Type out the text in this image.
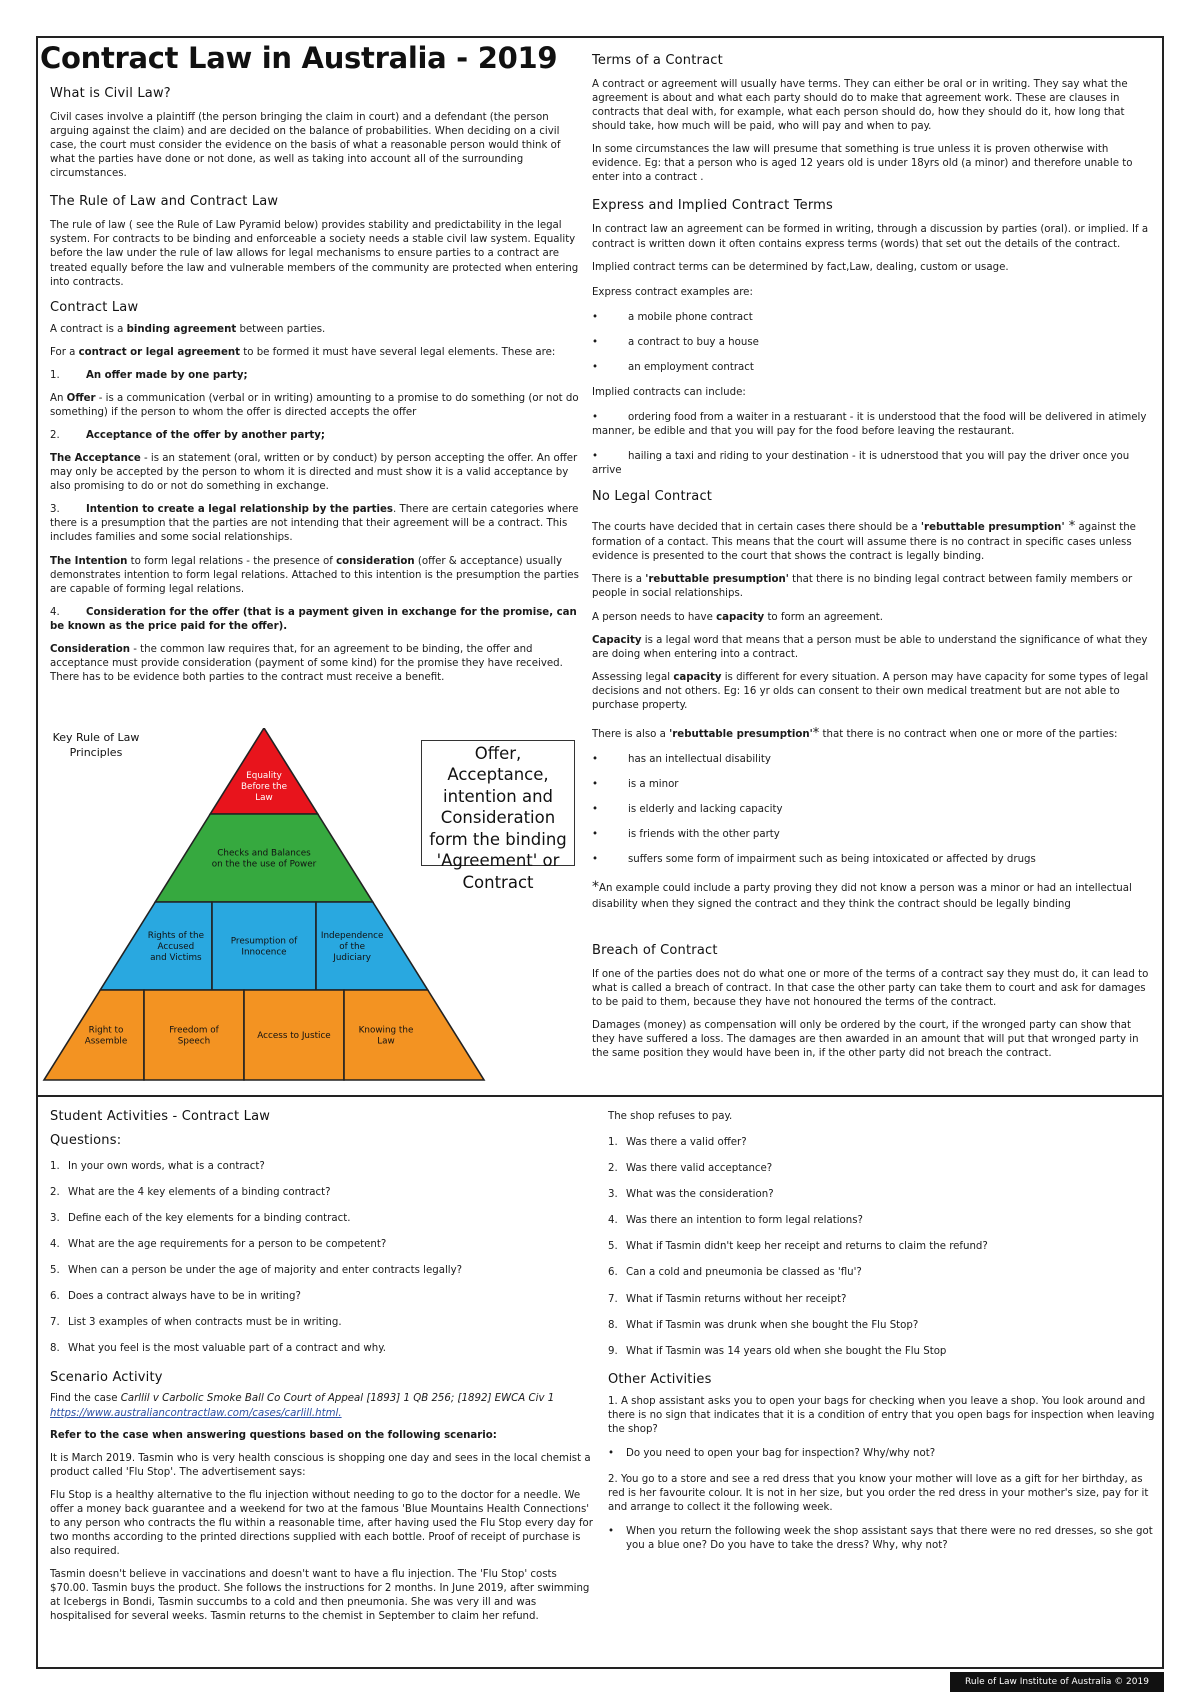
Contract Law in Australia - 2019
What is Civil Law?

Civil cases involve a plaintiff (the person bringing the claim in court) and a defendant (the person arguing against the claim) and are decided on the balance of probabilities. When deciding on a civil case, the court must consider the evidence on the basis of what a reasonable person would think of what the parties have done or not done, as well as taking into account all of the surrounding circumstances.

The Rule of Law and Contract Law

The rule of law ( see the Rule of Law Pyramid below) provides stability and predictability in the legal system. For contracts to be binding and enforceable a society needs a stable civil law system. Equality before the law under the rule of law allows for legal mechanisms to ensure parties to a contract are treated equally before the law and vulnerable members of the community are protected when entering into contracts.

Contract Law

A contract is a binding agreement between parties.

For a contract or legal agreement to be formed it must have several legal elements. These are:

1.	An offer made by one party;

An Offer - is a communication (verbal or in writing) amounting to a promise to do something (or not do something) if the person to whom the offer is directed accepts the offer

2.	Acceptance of the offer by another party;

The Acceptance - is an statement (oral, written or by conduct) by person accepting the offer. An offer may only be accepted by the person to whom it is directed and must show it is a valid acceptance by also promising to do or not do something in exchange.

3.	Intention to create a legal relationship by the parties. There are certain categories where there is a presumption that the parties are not intending that their agreement will be a contract. This includes families and some social relationships.

The Intention to form legal relations - the presence of consideration (offer & acceptance) usually demonstrates intention to form legal relations. Attached to this intention is the presumption the parties are capable of forming legal relations.

4.	Consideration for the offer (that is a payment given in exchange for the promise, can be known as the price paid for the offer).

Consideration - the common law requires that, for an agreement to be binding, the offer and acceptance must provide consideration (payment of some kind) for the promise they have received. There has to be evidence both parties to the contract must receive a benefit.

Key Rule of Law Principles
Equality Before the Law
Checks and Balances on the the use of Power
Rights of the Accused and Victims
Presumption of Innocence
Independence of the Judiciary
Right to Assemble
Freedom of Speech
Access to Justice
Knowing the Law
Offer, Acceptance, intention and Consideration form the binding 'Agreement' or Contract
Terms of a Contract

A contract or agreement will usually have terms. They can either be oral or in writing. They say what the agreement is about and what each party should do to make that agreement work. These are clauses in contracts that deal with, for example, what each person should do, how they should do it, how long that should take, how much will be paid, who will pay and when to pay.

In some circumstances the law will presume that something is true unless it is proven otherwise with evidence. Eg: that a person who is aged 12 years old is under 18yrs old (a minor) and therefore unable to enter into a contract .

Express and Implied Contract Terms

In contract law an agreement can be formed in writing, through a discussion by parties (oral). or implied. If a contract is written down it often contains express terms (words) that set out the details of the contract.

Implied contract terms can be determined by fact,Law, dealing, custom or usage.

Express contract examples are:

•	a mobile phone contract
•	a contract to buy a house
•	an employment contract

Implied contracts can include:

•	ordering food from a waiter in a restuarant - it is understood that the food will be delivered in atimely manner, be edible and that you will pay for the food before leaving the restaurant.

•	hailing a taxi and riding to your destination - it is udnerstood that you will pay the driver once you arrive

No Legal Contract

The courts have decided that in certain cases there should be a 'rebuttable presumption' * against the formation of a contact. This means that the court will assume there is no contract in specific cases unless evidence is presented to the court that shows the contract is legally binding.

There is a 'rebuttable presumption' that there is no binding legal contract between family members or people in social relationships.

A person needs to have capacity to form an agreement.

Capacity is a legal word that means that a person must be able to understand the significance of what they are doing when entering into a contract.

Assessing legal capacity is different for every situation. A person may have capacity for some types of legal decisions and not others. Eg: 16 yr olds can consent to their own medical treatment but are not able to purchase property.

There is also a 'rebuttable presumption'* that there is no contract when one or more of the parties:

•	has an intellectual disability
•	is a minor
•	is elderly and lacking capacity
•	is friends with the other party
•	suffers some form of impairment such as being intoxicated or affected by drugs

*An example could include a party proving they did not know a person was a minor or had an intellectual disability when they signed the contract and they think the contract should be legally binding

Breach of Contract

If one of the parties does not do what one or more of the terms of a contract say they must do, it can lead to what is called a breach of contract. In that case the other party can take them to court and ask for damages to be paid to them, because they have not honoured the terms of the contract.

Damages (money) as compensation will only be ordered by the court, if the wronged party can show that they have suffered a loss. The damages are then awarded in an amount that will put that wronged party in the same position they would have been in, if the other party did not breach the contract.

Student Activities - Contract Law
Questions:
1. In your own words, what is a contract?
2. What are the 4 key elements of a binding contract?
3. Define each of the key elements for a binding contract.
4. What are the age requirements for a person to be competent?
5. When can a person be under the age of majority and enter contracts legally?
6. Does a contract always have to be in writing?
7. List 3 examples of when contracts must be in writing.
8. What you feel is the most valuable part of a contract and why.
Scenario Activity

Find the case Carllil v Carbolic Smoke Ball Co Court of Appeal [1893] 1 QB 256; [1892] EWCA Civ 1
https://www.australiancontractlaw.com/cases/carlill.html.

Refer to the case when answering questions based on the following scenario:

It is March 2019. Tasmin who is very health conscious is shopping one day and sees in the local chemist a product called 'Flu Stop'. The advertisement says:

Flu Stop is a healthy alternative to the flu injection without needing to go to the doctor for a needle. We offer a money back guarantee and a weekend for two at the famous 'Blue Mountains Health Connections' to any person who contracts the flu within a reasonable time, after having used the Flu Stop every day for two months according to the printed directions supplied with each bottle. Proof of receipt of purchase is also required.

Tasmin doesn't believe in vaccinations and doesn't want to have a flu injection. The 'Flu Stop' costs $70.00. Tasmin buys the product. She follows the instructions for 2 months. In June 2019, after swimming at Icebergs in Bondi, Tasmin succumbs to a cold and then pneumonia. She was very ill and was hospitalised for several weeks. Tasmin returns to the chemist in September to claim her refund.

The shop refuses to pay.

1. Was there a valid offer?
2. Was there valid acceptance?
3. What was the consideration?
4. Was there an intention to form legal relations?
5. What if Tasmin didn't keep her receipt and returns to claim the refund?
6. Can a cold and pneumonia be classed as 'flu'?
7. What if Tasmin returns without her receipt?
8. What if Tasmin was drunk when she bought the Flu Stop?
9. What if Tasmin was 14 years old when she bought the Flu Stop
Other Activities

1. A shop assistant asks you to open your bags for checking when you leave a shop. You look around and there is no sign that indicates that it is a condition of entry that you open bags for inspection when leaving the shop?

•	Do you need to open your bag for inspection? Why/why not?

2. You go to a store and see a red dress that you know your mother will love as a gift for her birthday, as red is her favourite colour. It is not in her size, but you order the red dress in your mother's size, pay for it and arrange to collect it the following week.

•	When you return the following week the shop assistant says that there were no red dresses, so she got you a blue one? Do you have to take the dress? Why, why not?
Rule of Law Institute of Australia © 2019
